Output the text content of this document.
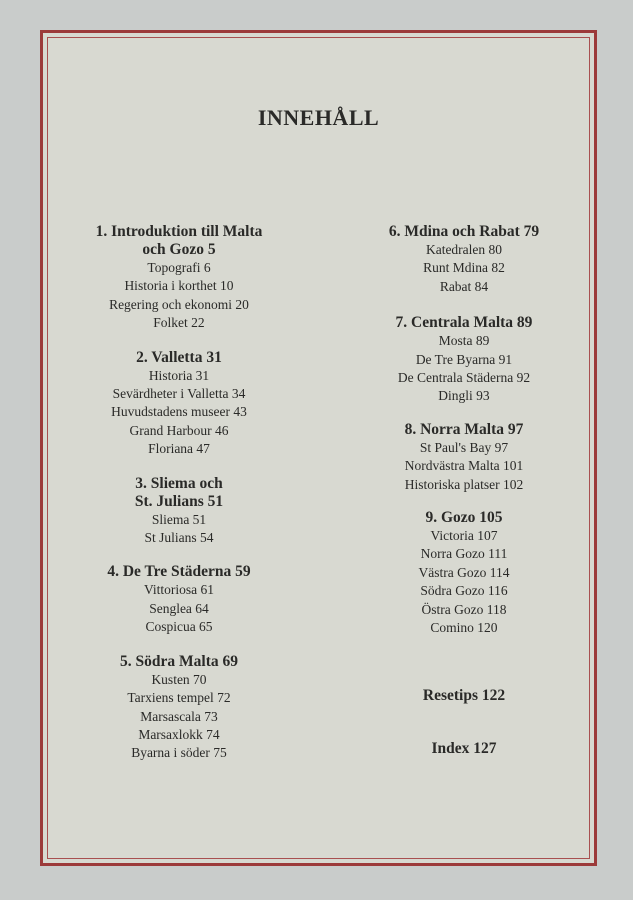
INNEHÅLL
1. Introduktion till Malta
och Gozo 5
Topografi 6
Historia i korthet 10
Regering och ekonomi 20
Folket 22
2. Valletta 31
Historia 31
Sevärdheter i Valletta 34
Huvudstadens museer 43
Grand Harbour 46
Floriana 47
3. Sliema och
St. Julians 51
Sliema 51
St Julians 54
4. De Tre Städerna 59
Vittoriosa 61
Senglea 64
Cospicua 65
5. Södra Malta 69
Kusten 70
Tarxiens tempel 72
Marsascala 73
Marsaxlokk 74
Byarna i söder 75
6. Mdina och Rabat 79
Katedralen 80
Runt Mdina 82
Rabat 84
7. Centrala Malta 89
Mosta 89
De Tre Byarna 91
De Centrala Städerna 92
Dingli 93
8. Norra Malta 97
St Paul's Bay 97
Nordvästra Malta 101
Historiska platser 102
9. Gozo 105
Victoria 107
Norra Gozo 111
Västra Gozo 114
Södra Gozo 116
Östra Gozo 118
Comino 120
Resetips 122
Index 127
